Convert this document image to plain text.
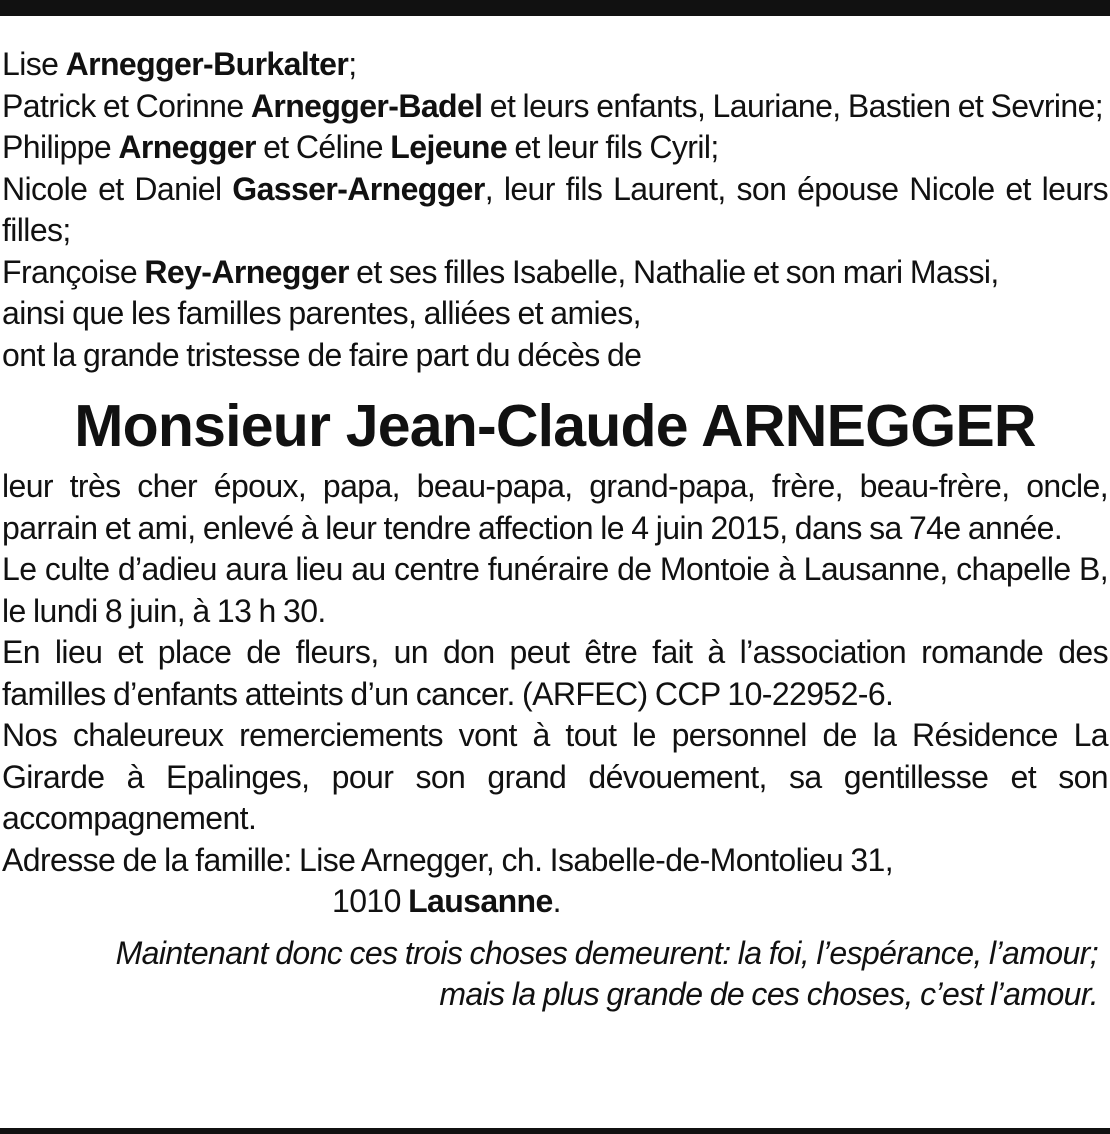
Lise Arnegger-Burkalter;

Patrick et Corinne Arnegger-Badel et leurs enfants, Lauriane, Bastien et Sevrine;

Philippe Arnegger et Céline Lejeune et leur fils Cyril;

Nicole et Daniel Gasser-Arnegger, leur fils Laurent, son épouse Nicole et leurs filles;

Françoise Rey-Arnegger et ses filles Isabelle, Nathalie et son mari Massi,

ainsi que les familles parentes, alliées et amies,

ont la grande tristesse de faire part du décès de

Monsieur Jean-Claude ARNEGGER

leur très cher époux, papa, beau-papa, grand-papa, frère, beau-frère, oncle, parrain et ami, enlevé à leur tendre affection le 4 juin 2015, dans sa 74e année.

Le culte d’adieu aura lieu au centre funéraire de Montoie à Lausanne, chapelle B, le lundi 8 juin, à 13 h 30.

En lieu et place de fleurs, un don peut être fait à l’association romande des familles d’enfants atteints d’un cancer. (ARFEC) CCP 10-22952-6.

Nos chaleureux remerciements vont à tout le personnel de la Résidence La Girarde à Epalinges, pour son grand dévouement, sa gentillesse et son accompagnement.

Adresse de la famille: Lise Arnegger, ch. Isabelle-de-Montolieu 31,

1010 Lausanne.

Maintenant donc ces trois choses demeurent: la foi, l’espérance, l’amour;
mais la plus grande de ces choses, c’est l’amour.
